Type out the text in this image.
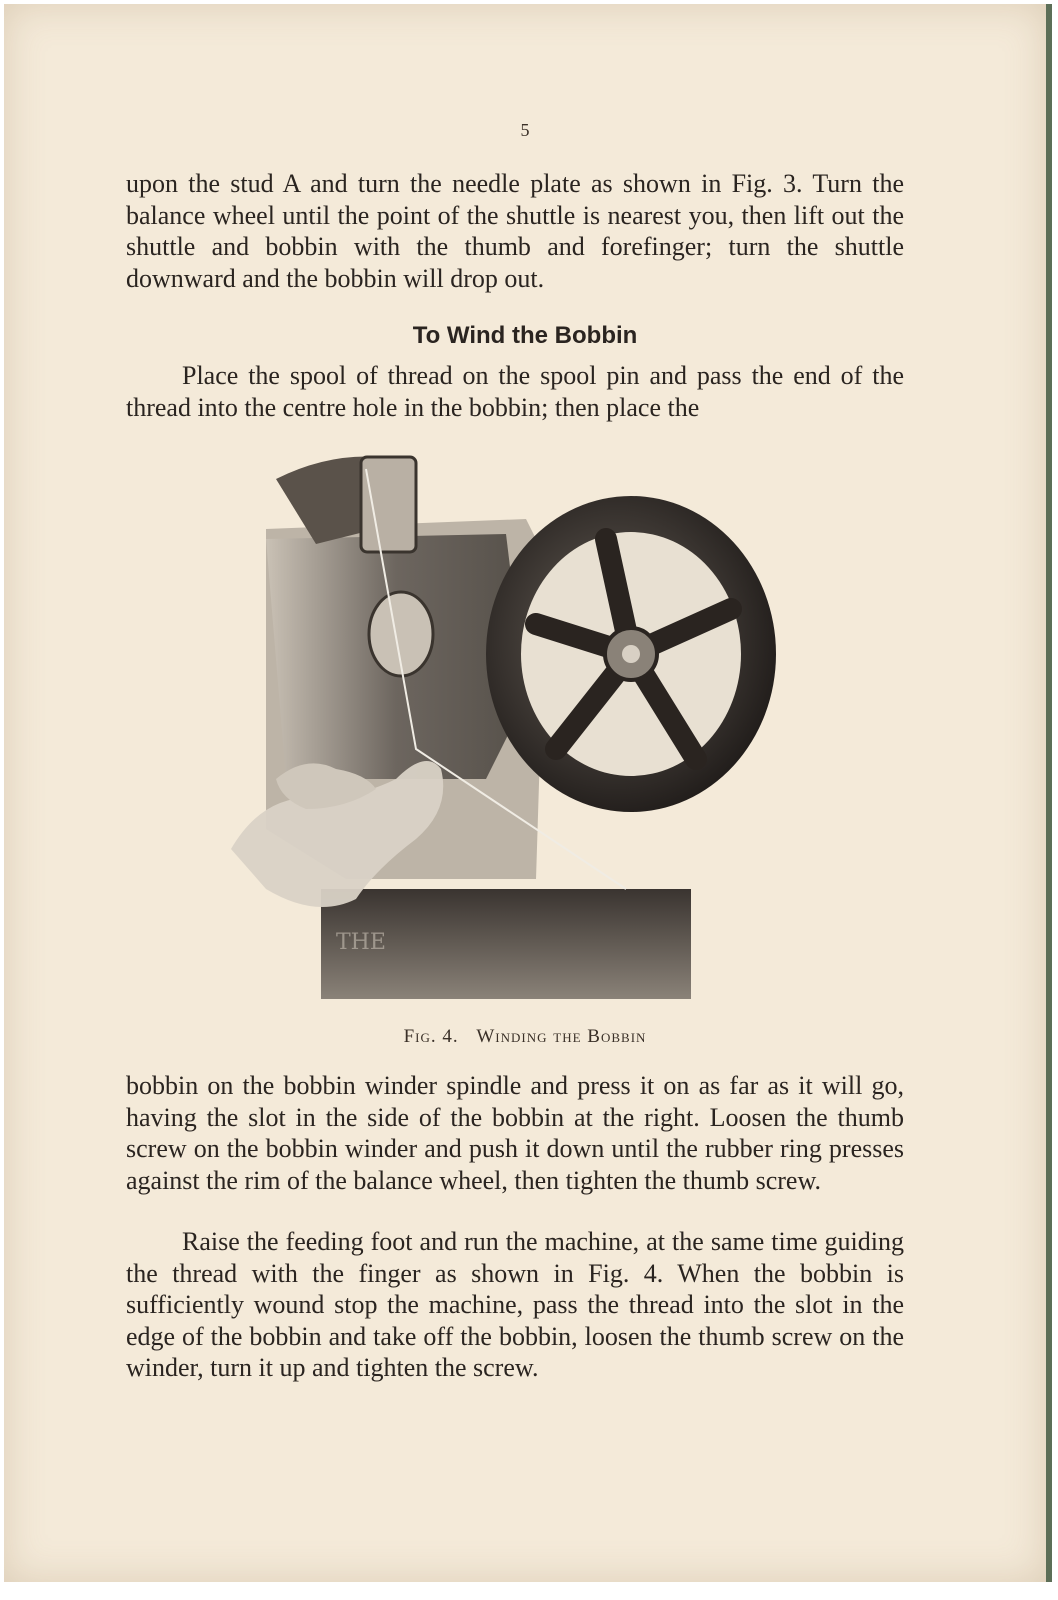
5

upon the stud A and turn the needle plate as shown in Fig. 3. Turn the balance wheel until the point of the shuttle is nearest you, then lift out the shuttle and bobbin with the thumb and forefinger; turn the shuttle downward and the bobbin will drop out.

To Wind the Bobbin

Place the spool of thread on the spool pin and pass the end of the thread into the centre hole in the bobbin; then place the

THE
Fig. 4. Winding the Bobbin

bobbin on the bobbin winder spindle and press it on as far as it will go, having the slot in the side of the bobbin at the right. Loosen the thumb screw on the bobbin winder and push it down until the rubber ring presses against the rim of the balance wheel, then tighten the thumb screw.

Raise the feeding foot and run the machine, at the same time guiding the thread with the finger as shown in Fig. 4. When the bobbin is sufficiently wound stop the machine, pass the thread into the slot in the edge of the bobbin and take off the bobbin, loosen the thumb screw on the winder, turn it up and tighten the screw.
